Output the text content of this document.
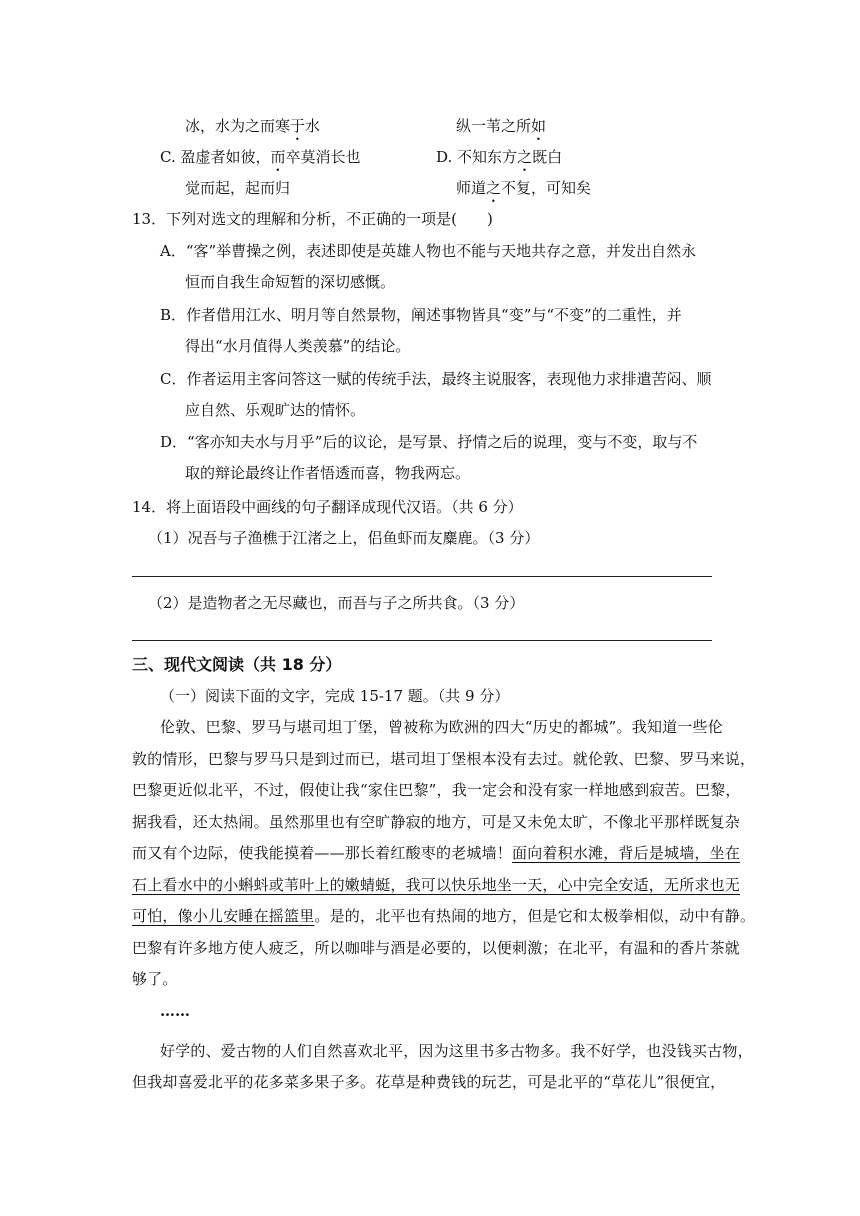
冰，水为之而寒于水	纵一苇之所如
C. 盈虚者如彼，而卒莫消长也	D. 不知东方之既白
觉而起，起而归	师道之不复，可知矣
13．下列对选文的理解和分析，不正确的一项是(　　)
A．“客”举曹操之例，表述即使是英雄人物也不能与天地共存之意，并发出自然永
恒而自我生命短暂的深切感慨。
B．作者借用江水、明月等自然景物，阐述事物皆具“变”与“不变”的二重性，并
得出“水月值得人类羡慕”的结论。
C．作者运用主客问答这一赋的传统手法，最终主说服客，表现他力求排遣苦闷、顺
应自然、乐观旷达的情怀。
D．“客亦知夫水与月乎”后的议论，是写景、抒情之后的说理，变与不变，取与不
取的辩论最终让作者悟透而喜，物我两忘。
14．将上面语段中画线的句子翻译成现代汉语。（共 6 分）
（1）况吾与子渔樵于江渚之上，侣鱼虾而友麋鹿。（3 分）
（2）是造物者之无尽藏也，而吾与子之所共食。（3 分）
三、现代文阅读（共 18 分）
（一）阅读下面的文字，完成 15-17 题。（共 9 分）
伦敦、巴黎、罗马与堪司坦丁堡，曾被称为欧洲的四大“历史的都城”。我知道一些伦
敦的情形，巴黎与罗马只是到过而已，堪司坦丁堡根本没有去过。就伦敦、巴黎、罗马来说，
巴黎更近似北平，不过，假使让我“家住巴黎”，我一定会和没有家一样地感到寂苦。巴黎，
据我看，还太热闹。虽然那里也有空旷静寂的地方，可是又未免太旷，不像北平那样既复杂
而又有个边际，使我能摸着——那长着红酸枣的老城墙！面向着积水滩，背后是城墙，坐在
石上看水中的小蝌蚪或苇叶上的嫩蜻蜓，我可以快乐地坐一天，心中完全安适，无所求也无
可怕，像小儿安睡在摇篮里。是的，北平也有热闹的地方，但是它和太极拳相似，动中有静。
巴黎有许多地方使人疲乏，所以咖啡与酒是必要的，以便刺激；在北平，有温和的香片茶就
够了。
……
好学的、爱古物的人们自然喜欢北平，因为这里书多古物多。我不好学，也没钱买古物，
但我却喜爱北平的花多菜多果子多。花草是种费钱的玩艺，可是北平的“草花儿”很便宜，
